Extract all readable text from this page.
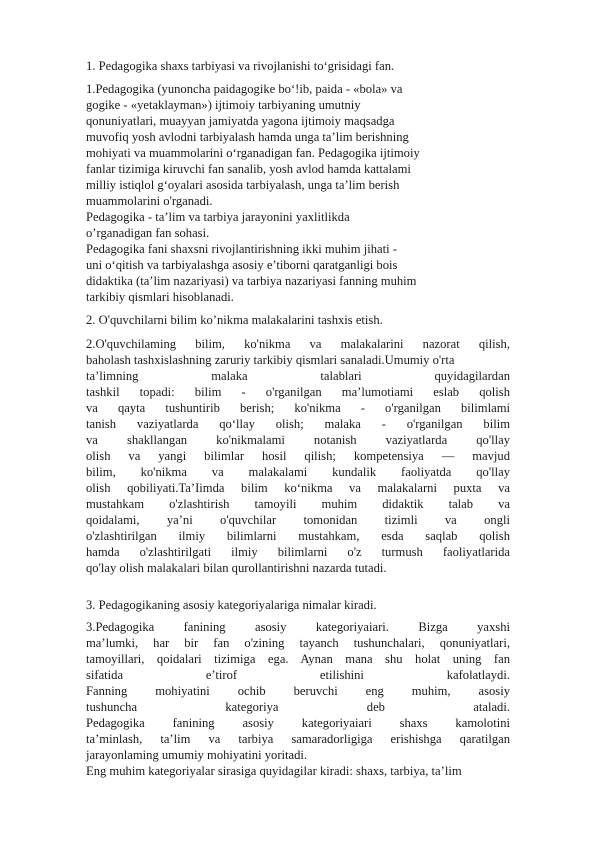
1. Pedagogika shaxs tarbiyasi va rivojlanishi to‘grisidagi fan.
1.Pedagogika (yunoncha paidagogike bo‘!ib, paida - «bola» va
gogike - «yetaklayman») ijtimoiy tarbiyaning umutniy
qonuniyatlari, muayyan jamiyatda yagona ijtimoiy maqsadga
muvofiq yosh avlodni tarbiyalash hamda unga ta’lim berishning
mohiyati va muammolarini o‘rganadigan fan. Pedagogika ijtimoiy
fanlar tizimiga kiruvchi fan sanalib, yosh avlod hamda kattalami
milliy istiqlol g‘oyalari asosida tarbiyalash, unga ta’lim berish
muammolarini o'rganadi.
Pedagogika - ta’lim va tarbiya jarayonini yaxlitlikda
o’rganadigan fan sohasi.
Pedagogika fani shaxsni rivojlantirishning ikki muhim jihati -
uni o‘qitish va tarbiyalashga asosiy e’tiborni qaratganligi bois
didaktika (ta’lim nazariyasi) va tarbiya nazariyasi fanning muhim
tarkibiy qismlari hisoblanadi.
2. O'quvchilarni bilim ko’nikma malakalarini tashxis etish.
2.O'quvchilaming bilim, ko'nikma va malakalarini nazorat qilish,
baholash tashxislashning zaruriy tarkibiy qismlari sanaladi.Umumiy o'rta
ta’limning malaka talablari quyidagilardan
tashkil topadi: bilim - o'rganilgan ma’lumotiami eslab qolish
va qayta tushuntirib berish; ko'nikma - o'rganilgan bilimlami
tanish vaziyatlarda qo‘llay olish; malaka - o'rganilgan bilim
va shakllangan ko'nikmalami notanish vaziyatlarda qo'llay
olish va yangi bilimlar hosil qilish; kompetensiya — mavjud
bilim, ko'nikma va malakalami kundalik faoliyatda qo'llay
olish qobiliyati.Ta’Iimda bilim ko‘nikma va malakalarni puxta va
mustahkam o'zlashtirish tamoyili muhim didaktik talab va
qoidalami, ya’ni o'quvchilar tomonidan tizimli va ongli
o'zlashtirilgan ilmiy bilimlarni mustahkam, esda saqlab qolish
hamda o'zlashtirilgati ilmiy bilimlarni o'z turmush faoliyatlarida
qo'lay olish malakalari bilan qurollantirishni nazarda tutadi.
3. Pedagogikaning asosiy kategoriyalariga nimalar kiradi.
3.Pedagogika fanining asosiy kategoriyaiari. Bizga yaxshi
ma’lumki, har bir fan o'zining tayanch tushunchalari, qonuniyatlari,
tamoyillari, qoidalari tizimiga ega. Aynan mana shu holat uning fan
sifatida e’tirof etilishini kafolatlaydi.
Fanning mohiyatini ochib beruvchi eng muhim, asosiy
tushuncha kategoriya deb ataladi.
Pedagogika fanining asosiy kategoriyaiari shaxs kamolotini
ta’minlash, ta’lim va tarbiya samaradorligiga erishishga qaratilgan
jarayonlaming umumiy mohiyatini yoritadi.
Eng muhim kategoriyalar sirasiga quyidagilar kiradi: shaxs, tarbiya, ta’lim
